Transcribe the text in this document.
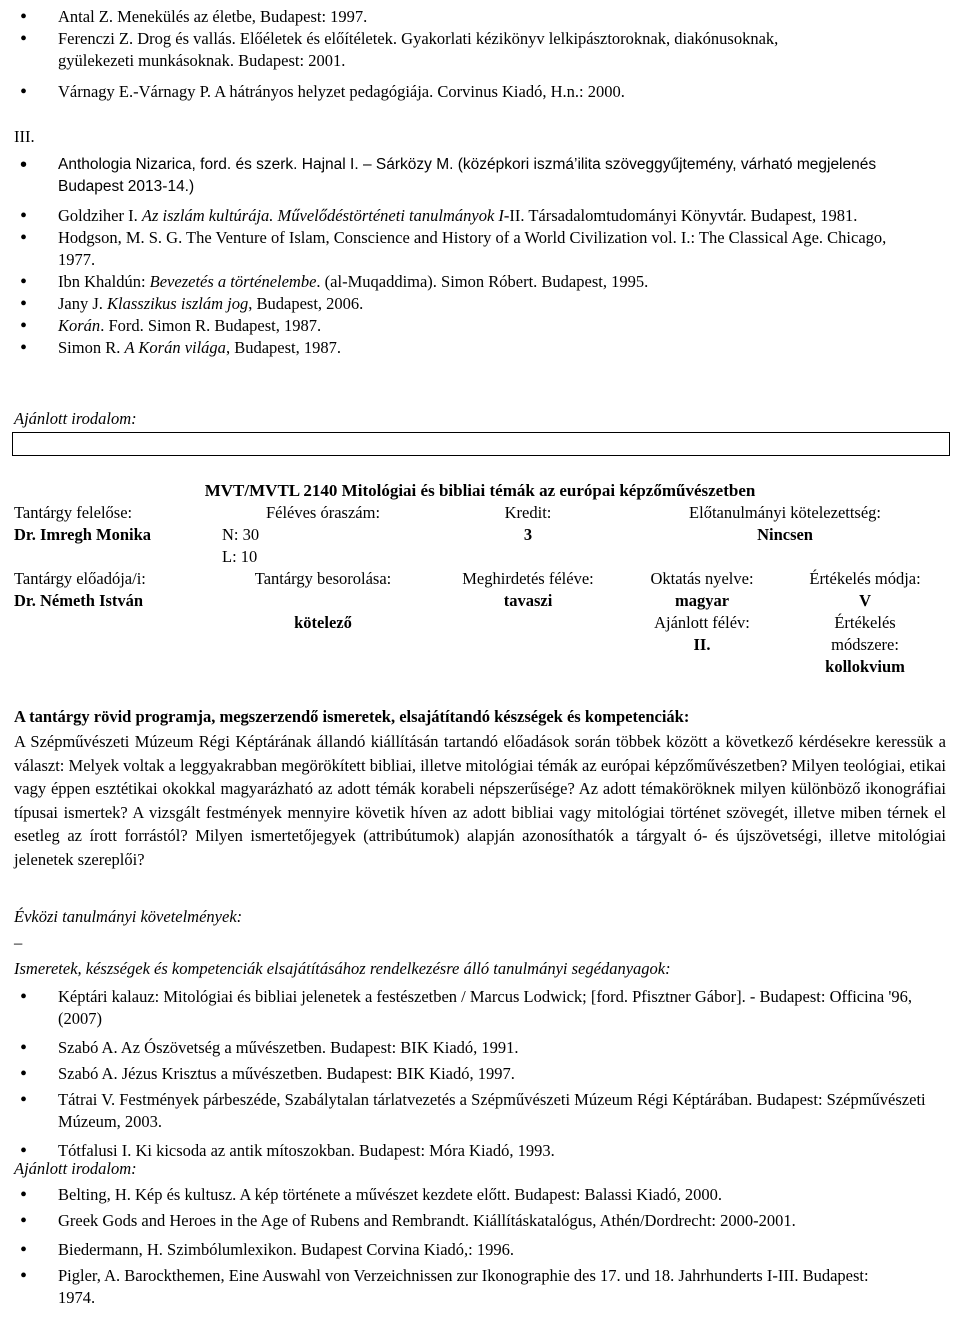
• Antal Z. Menekülés az életbe, Budapest: 1997.
• Ferenczi Z. Drog és vallás. Előéletek és előítéletek. Gyakorlati kézikönyv lelkipásztoroknak, diakónusoknak, gyülekezeti munkásoknak. Budapest: 2001.
• Várnagy E.-Várnagy P. A hátrányos helyzet pedagógiája. Corvinus Kiadó, H.n.: 2000.
III.
• Anthologia Nizarica, ford. és szerk. Hajnal I. ‒ Sárközy M. (középkori iszmá’ilita szöveggyűjtemény, várható megjelenés Budapest 2013-14.)
• Goldziher I. Az iszlám kultúrája. Művelődéstörténeti tanulmányok I-II. Társadalomtudományi Könyvtár. Budapest, 1981.
• Hodgson, M. S. G. The Venture of Islam, Conscience and History of a World Civilization vol. I.: The Classical Age. Chicago, 1977.
• Ibn Khaldún: Bevezetés a történelembe. (al-Muqaddima). Simon Róbert. Budapest, 1995.
• Jany J. Klasszikus iszlám jog, Budapest, 2006.
• Korán. Ford. Simon R. Budapest, 1987.
• Simon R. A Korán világa, Budapest, 1987.
Ajánlott irodalom:
MVT/MVTL 2140 Mitológiai és bibliai témák az európai képzőművészetben				
Tantárgy felelőse:	Féléves óraszám:	Kredit:	Előtanulmányi kötelezettség:	
Dr. Imregh Monika	N: 30	3	Nincsen	
	L: 10			
Tantárgy előadója/i:	Tantárgy besorolása:	Meghirdetés féléve:	Oktatás nyelve:	Értékelés módja:
Dr. Németh István		tavaszi	magyar	V
	kötelező		Ajánlott félév:	Értékelés
			II.	módszere:
				kollokvium
A tantárgy rövid programja, megszerzendő ismeretek, elsajátítandó készségek és kompetenciák:
A Szépművészeti Múzeum Régi Képtárának állandó kiállításán tartandó előadások során többek között a következő kérdésekre keressük a választ: Melyek voltak a leggyakrabban megörökített bibliai, illetve mitológiai témák az európai képzőművészetben? Milyen teológiai, etikai vagy éppen esztétikai okokkal magyarázható az adott témák korabeli népszerűsége? Az adott témaköröknek milyen különböző ikonográfiai típusai ismertek? A vizsgált festmények mennyire követik híven az adott bibliai vagy mitológiai történet szövegét, illetve miben térnek el esetleg az írott forrástól? Milyen ismertetőjegyek (attribútumok) alapján azonosíthatók a tárgyalt ó- és újszövetségi, illetve mitológiai jelenetek szereplői?
Évközi tanulmányi követelmények:
–
Ismeretek, készségek és kompetenciák elsajátításához rendelkezésre álló tanulmányi segédanyagok:
• Képtári kalauz: Mitológiai és bibliai jelenetek a festészetben / Marcus Lodwick; [ford. Pfisztner Gábor]. - Budapest: Officina '96, (2007)
• Szabó A. Az Ószövetség a művészetben. Budapest: BIK Kiadó, 1991.
• Szabó A. Jézus Krisztus a művészetben. Budapest: BIK Kiadó, 1997.
• Tátrai V. Festmények párbeszéde, Szabálytalan tárlatvezetés a Szépművészeti Múzeum Régi Képtárában. Budapest: Szépművészeti Múzeum, 2003.
• Tótfalusi I. Ki kicsoda az antik mítoszokban. Budapest: Móra Kiadó, 1993.
Ajánlott irodalom:
• Belting, H. Kép és kultusz. A kép története a művészet kezdete előtt. Budapest: Balassi Kiadó, 2000.
• Greek Gods and Heroes in the Age of Rubens and Rembrandt. Kiállításkatalógus, Athén/Dordrecht: 2000-2001.
• Biedermann, H. Szimbólumlexikon. Budapest Corvina Kiadó,: 1996.
• Pigler, A. Barockthemen, Eine Auswahl von Verzeichnissen zur Ikonographie des 17. und 18. Jahrhunderts I-III. Budapest: 1974.
